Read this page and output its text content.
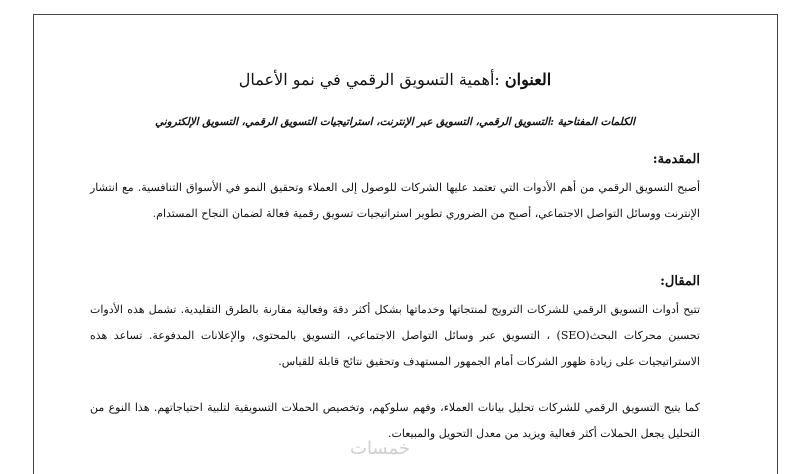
العنوان :أهمية التسويق الرقمي في نمو الأعمال
الكلمات المفتاحية :التسويق الرقمي، التسويق عبر الإنترنت، استراتيجيات التسويق الرقمي، التسويق الإلكتروني
المقدمة:
أصبح التسويق الرقمي من أهم الأدوات التي تعتمد عليها الشركات للوصول إلى العملاء وتحقيق النمو في الأسواق التنافسية. مع انتشار الإنترنت ووسائل التواصل الاجتماعي، أصبح من الضروري تطوير استراتيجيات تسويق رقمية فعالة لضمان النجاح المستدام.
المقال:
تتيح أدوات التسويق الرقمي للشركات الترويج لمنتجاتها وخدماتها بشكل أكثر دقة وفعالية مقارنة بالطرق التقليدية. تشمل هذه الأدوات تحسين محركات البحث(SEO) ، التسويق عبر وسائل التواصل الاجتماعي، التسويق بالمحتوى، والإعلانات المدفوعة. تساعد هذه الاستراتيجيات على زيادة ظهور الشركات أمام الجمهور المستهدف وتحقيق نتائج قابلة للقياس.
كما يتيح التسويق الرقمي للشركات تحليل بيانات العملاء، وفهم سلوكهم، وتخصيص الحملات التسويقية لتلبية احتياجاتهم. هذا النوع من التحليل يجعل الحملات أكثر فعالية ويزيد من معدل التحويل والمبيعات.
خمسات
